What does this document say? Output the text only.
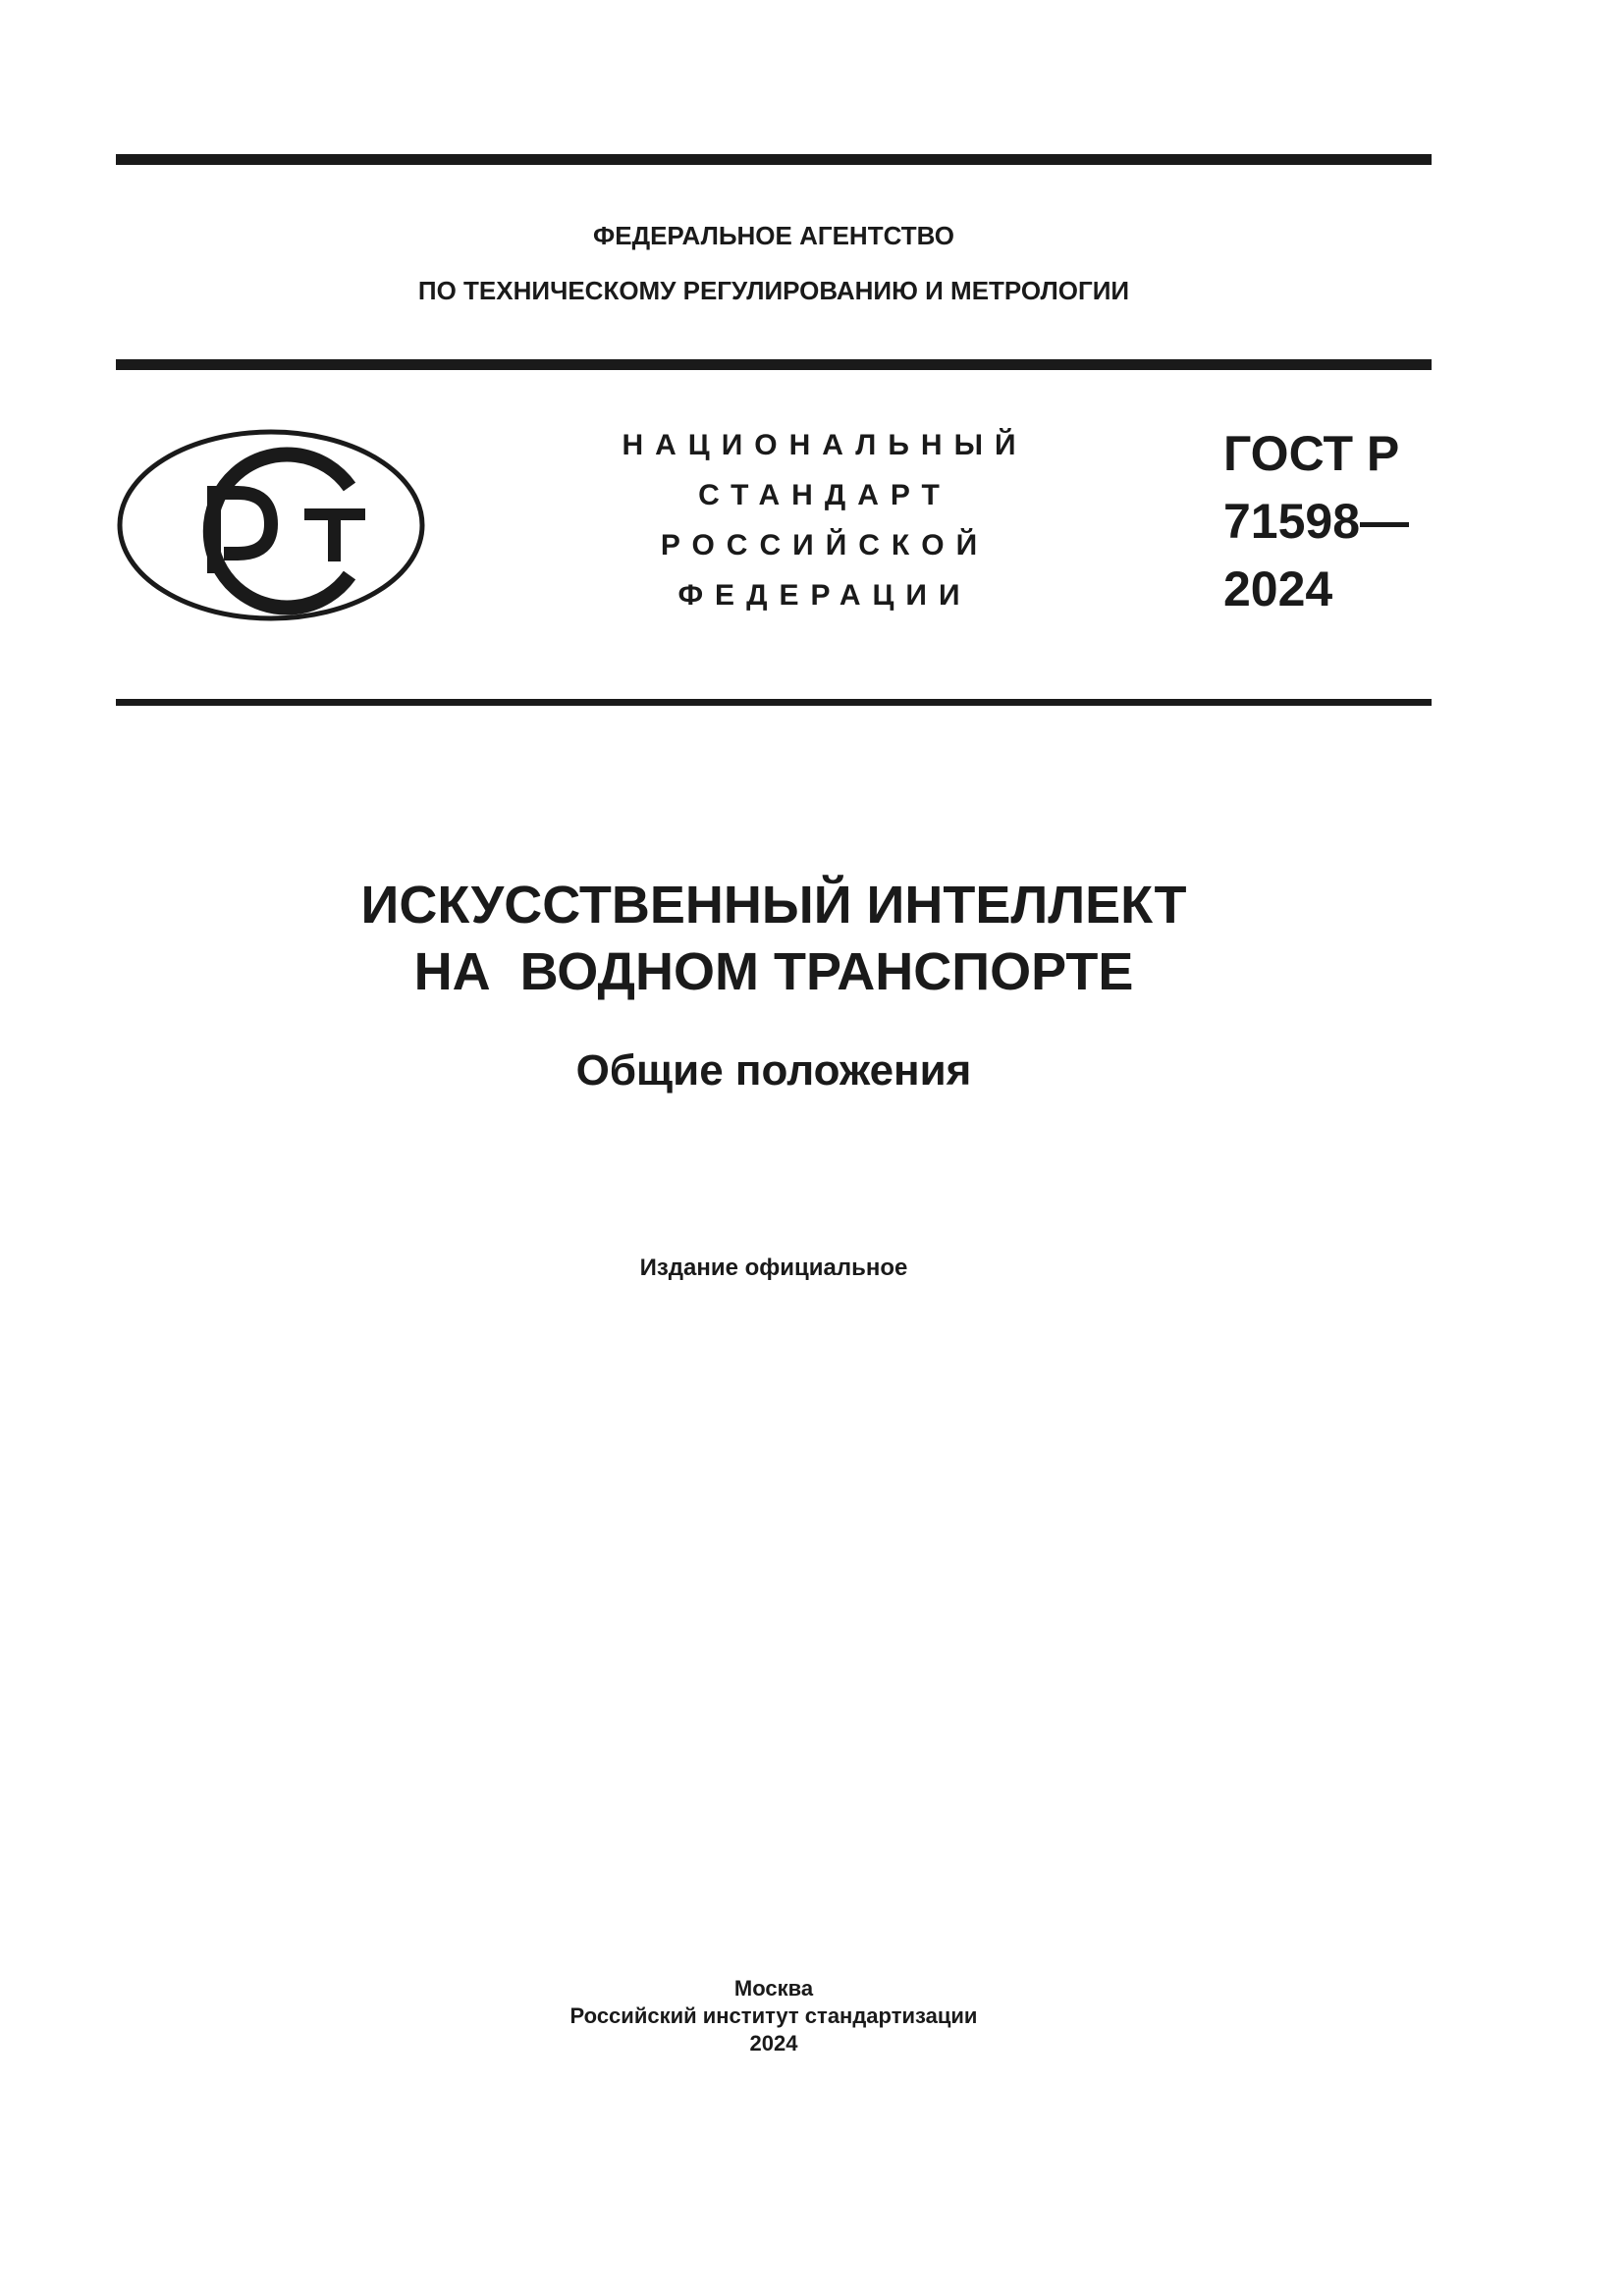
ФЕДЕРАЛЬНОЕ АГЕНТСТВО
ПО ТЕХНИЧЕСКОМУ РЕГУЛИРОВАНИЮ И МЕТРОЛОГИИ
НАЦИОНАЛЬНЫЙ
СТАНДАРТ
РОССИЙСКОЙ
ФЕДЕРАЦИИ
ГОСТ Р
71598—
2024
ИСКУССТВЕННЫЙ ИНТЕЛЛЕКТ
НА  ВОДНОМ ТРАНСПОРТЕ
Общие положения
Издание официальное
Москва
Российский институт стандартизации
2024
